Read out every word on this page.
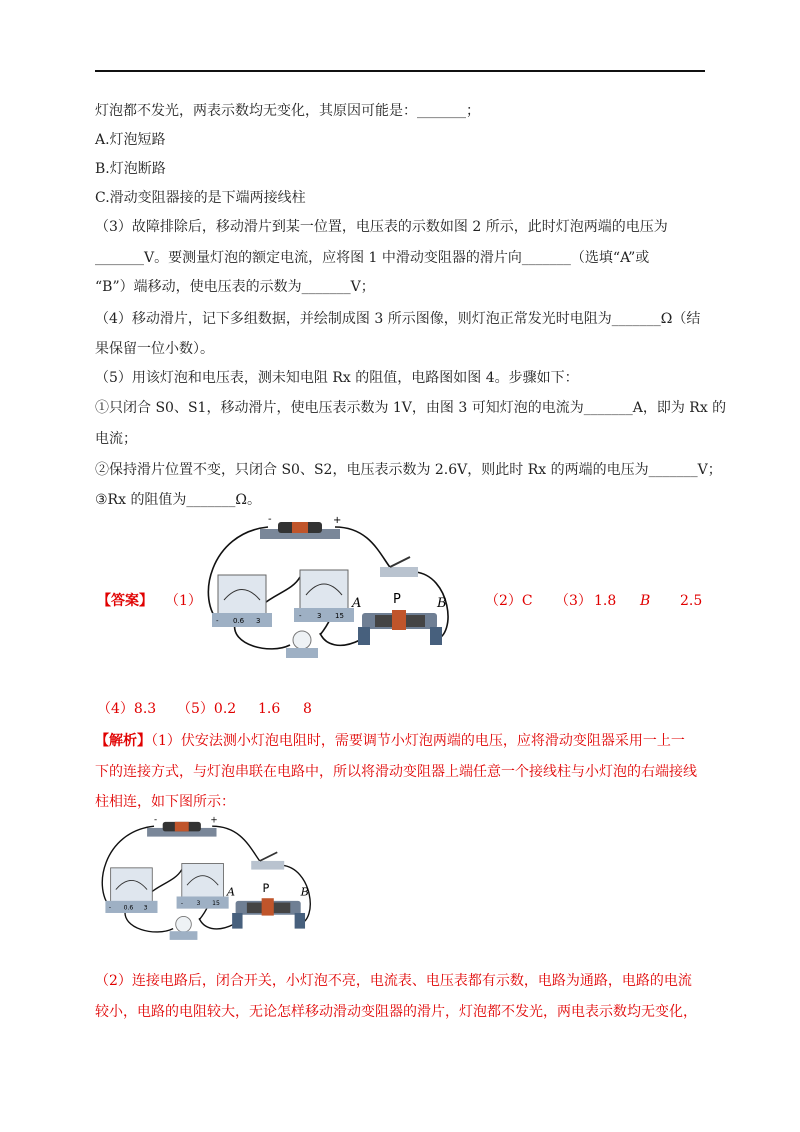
灯泡都不发光，两表示数均无变化，其原因可能是：_______；
A.灯泡短路
B.灯泡断路
C.滑动变阻器接的是下端两接线柱
（3）故障排除后，移动滑片到某一位置，电压表的示数如图 2 所示，此时灯泡两端的电压为
_______V。要测量灯泡的额定电流，应将图 1 中滑动变阻器的滑片向_______（选填“A”或
“B”）端移动，使电压表的示数为_______V；
（4）移动滑片，记下多组数据，并绘制成图 3 所示图像，则灯泡正常发光时电阻为_______Ω（结
果保留一位小数）。
（5）用该灯泡和电压表，测未知电阻 Rx 的阻值，电路图如图 4。步骤如下：
①只闭合 S0、S1，移动滑片，使电压表示数为 1V，由图 3 可知灯泡的电流为_______A，即为 Rx 的
电流；
②保持滑片位置不变，只闭合 S0、S2，电压表示数为 2.6V，则此时 Rx 的两端的电压为_______V；
③Rx 的阻值为_______Ω。
-	+
- 0.6 3
- 3 15
A P	B
【答案】 （1）	（2）C （3） 1.8 B 2.5
（4）8.3 （5）0.2 1.6 8
【解析】（1）伏安法测小灯泡电阻时，需要调节小灯泡两端的电压，应将滑动变阻器采用一上一
下的连接方式，与灯泡串联在电路中，所以将滑动变阻器上端任意一个接线柱与小灯泡的右端接线
柱相连，如下图所示：
-	+
- 0.6 3
- 3 15
A P B
（2）连接电路后，闭合开关，小灯泡不亮，电流表、电压表都有示数，电路为通路，电路的电流
较小，电路的电阻较大，无论怎样移动滑动变阻器的滑片，灯泡都不发光，两电表示数均无变化，
